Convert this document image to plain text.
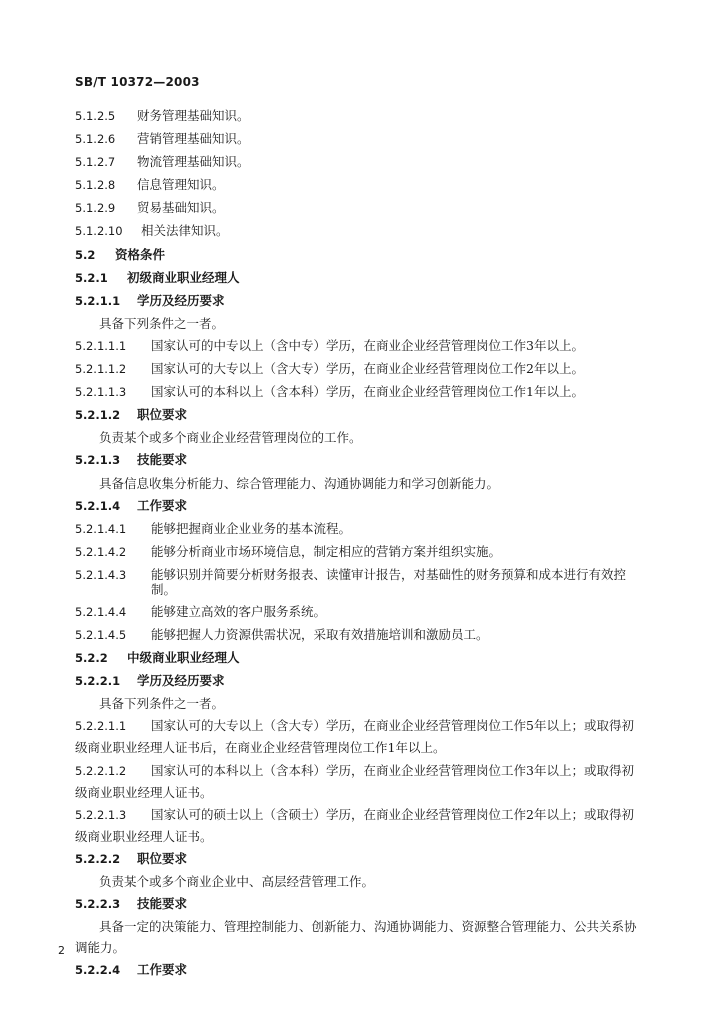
SB/T 10372—2003
5.1.2.5	财务管理基础知识。
5.1.2.6	营销管理基础知识。
5.1.2.7	物流管理基础知识。
5.1.2.8	信息管理知识。
5.1.2.9	贸易基础知识。
5.1.2.10	相关法律知识。
5.2	资格条件
5.2.1	初级商业职业经理人
5.2.1.1	学历及经历要求
具备下列条件之一者。
5.2.1.1.1	国家认可的中专以上（含中专）学历，在商业企业经营管理岗位工作3年以上。
5.2.1.1.2	国家认可的大专以上（含大专）学历，在商业企业经营管理岗位工作2年以上。
5.2.1.1.3	国家认可的本科以上（含本科）学历，在商业企业经营管理岗位工作1年以上。
5.2.1.2	职位要求
负责某个或多个商业企业经营管理岗位的工作。
5.2.1.3	技能要求
具备信息收集分析能力、综合管理能力、沟通协调能力和学习创新能力。
5.2.1.4	工作要求
5.2.1.4.1	能够把握商业企业业务的基本流程。
5.2.1.4.2	能够分析商业市场环境信息，制定相应的营销方案并组织实施。
5.2.1.4.3	能够识别并简要分析财务报表、读懂审计报告，对基础性的财务预算和成本进行有效控制。
5.2.1.4.4	能够建立高效的客户服务系统。
5.2.1.4.5	能够把握人力资源供需状况，采取有效措施培训和激励员工。
5.2.2	中级商业职业经理人
5.2.2.1	学历及经历要求
具备下列条件之一者。
5.2.2.1.1	国家认可的大专以上（含大专）学历，在商业企业经营管理岗位工作5年以上；或取得初
级商业职业经理人证书后，在商业企业经营管理岗位工作1年以上。
5.2.2.1.2	国家认可的本科以上（含本科）学历，在商业企业经营管理岗位工作3年以上；或取得初
级商业职业经理人证书。
5.2.2.1.3	国家认可的硕士以上（含硕士）学历，在商业企业经营管理岗位工作2年以上；或取得初
级商业职业经理人证书。
5.2.2.2	职位要求
负责某个或多个商业企业中、高层经营管理工作。
5.2.2.3	技能要求
具备一定的决策能力、管理控制能力、创新能力、沟通协调能力、资源整合管理能力、公共关系协
调能力。
5.2.2.4	工作要求
2
